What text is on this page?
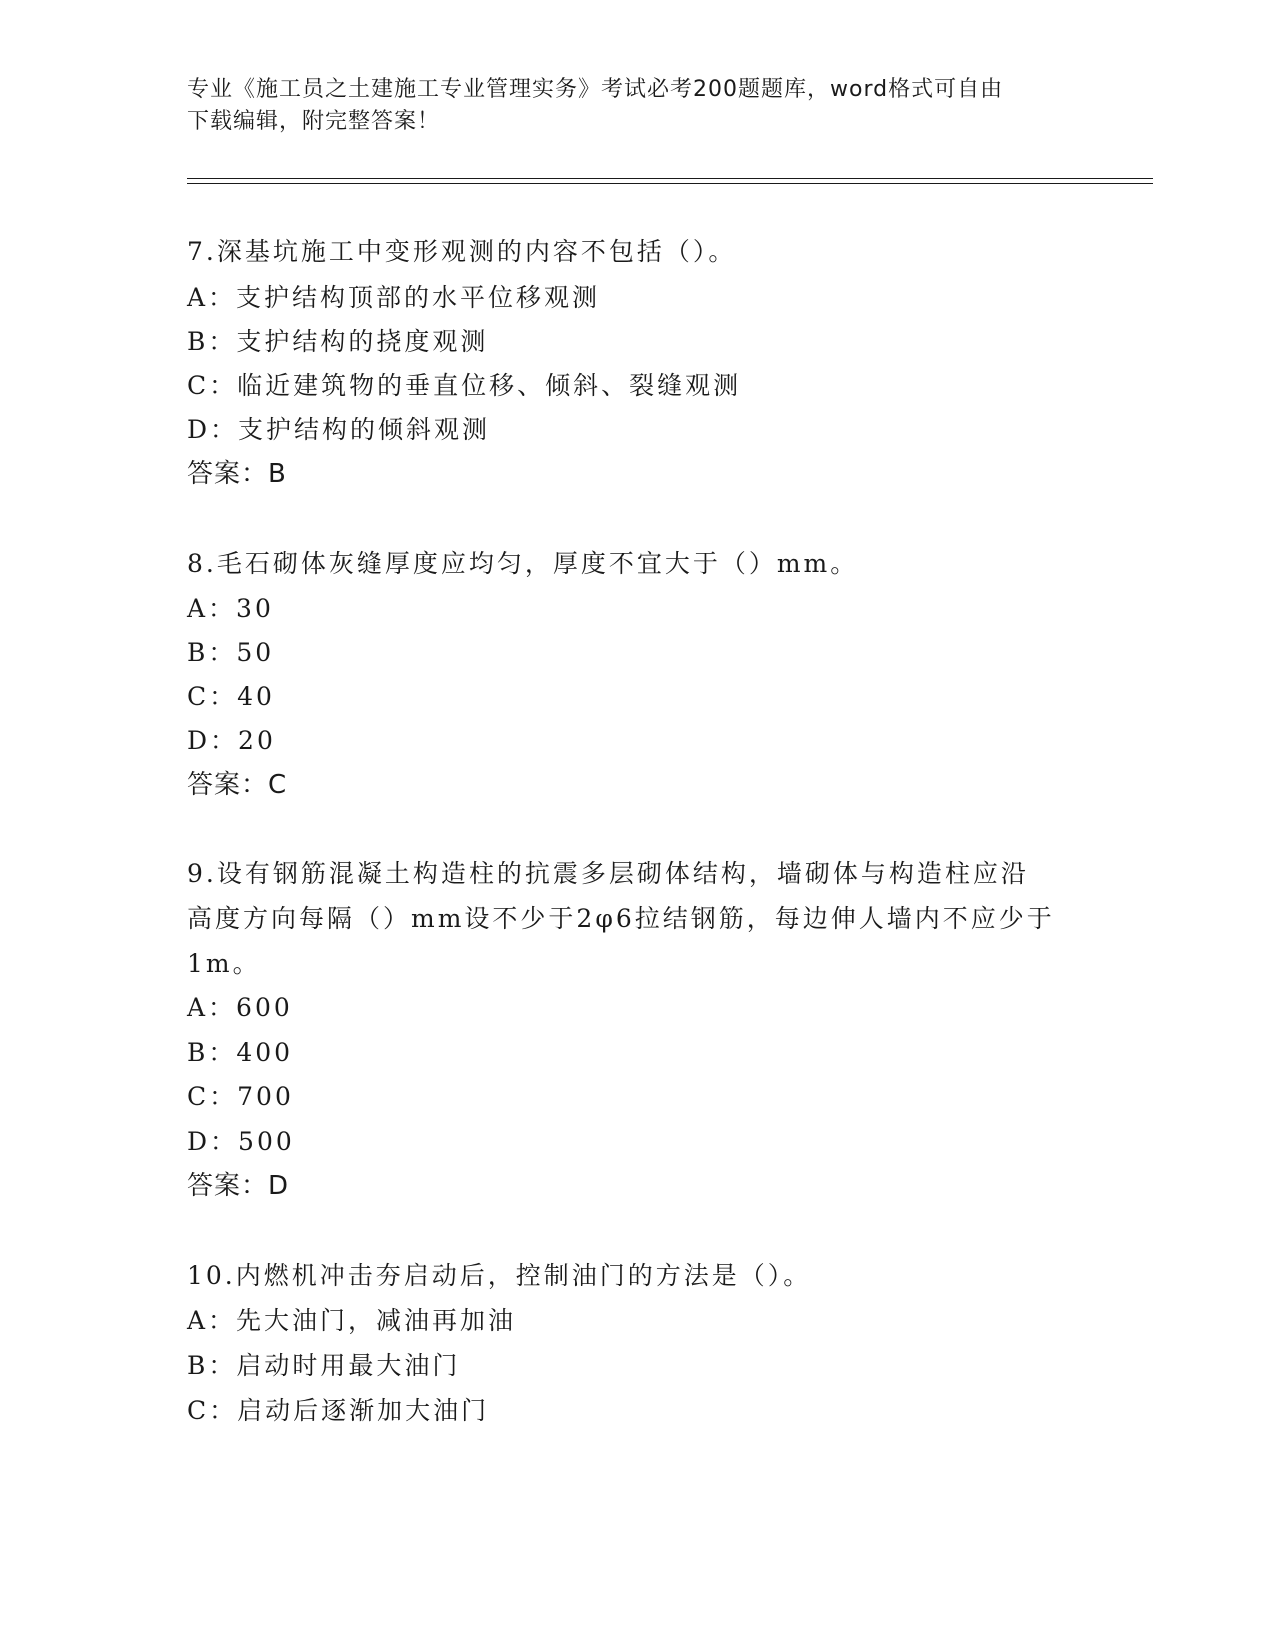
专业《施工员之土建施工专业管理实务》考试必考200题题库，word格式可自由
下载编辑，附完整答案！
7.深基坑施工中变形观测的内容不包括（）。
A：支护结构顶部的水平位移观测
B：支护结构的挠度观测
C：临近建筑物的垂直位移、倾斜、裂缝观测
D：支护结构的倾斜观测
答案：B
8.毛石砌体灰缝厚度应均匀，厚度不宜大于（）mm。
A：30
B：50
C：40
D：20
答案：C
9.设有钢筋混凝土构造柱的抗震多层砌体结构，墙砌体与构造柱应沿
高度方向每隔（）mm设不少于2φ6拉结钢筋，每边伸人墙内不应少于
1m。
A：600
B：400
C：700
D：500
答案：D
10.内燃机冲击夯启动后，控制油门的方法是（）。
A：先大油门，减油再加油
B：启动时用最大油门
C：启动后逐渐加大油门
